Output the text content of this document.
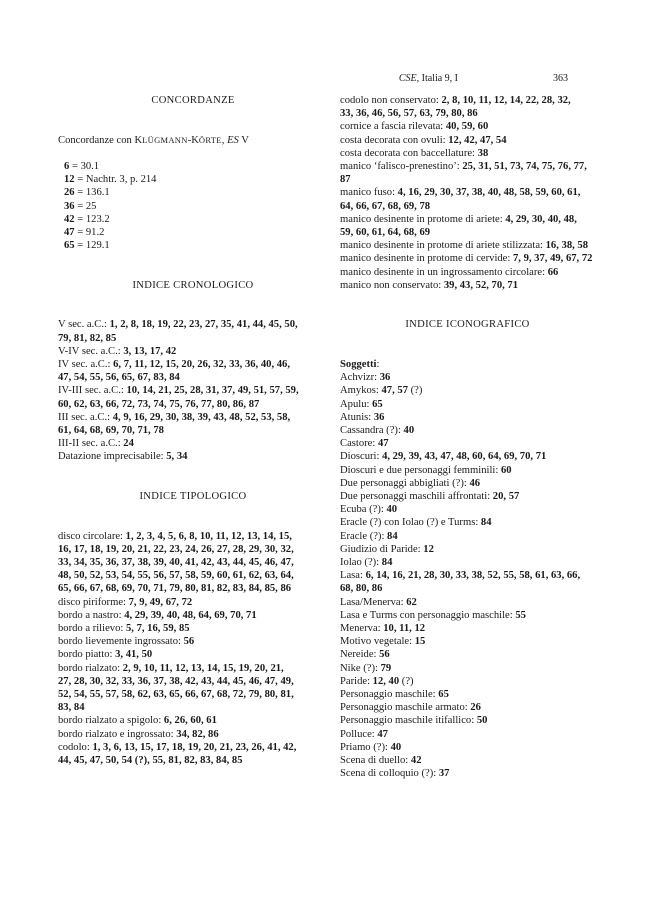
CSE, Italia 9, I	363

CONCORDANZE

Concordanze con KLÜGMANN-KÖRTE, ES V

6 = 30.1

12 = Nachtr. 3, p. 214

26 = 136.1

36 = 25

42 = 123.2

47 = 91.2

65 = 129.1

INDICE CRONOLOGICO

V sec. a.C.: 1, 2, 8, 18, 19, 22, 23, 27, 35, 41, 44, 45, 50,
79, 81, 82, 85

V-IV sec. a.C.: 3, 13, 17, 42

IV sec. a.C.: 6, 7, 11, 12, 15, 20, 26, 32, 33, 36, 40, 46,
47, 54, 55, 56, 65, 67, 83, 84

IV-III sec. a.C.: 10, 14, 21, 25, 28, 31, 37, 49, 51, 57, 59,
60, 62, 63, 66, 72, 73, 74, 75, 76, 77, 80, 86, 87

III sec. a.C.: 4, 9, 16, 29, 30, 38, 39, 43, 48, 52, 53, 58,
61, 64, 68, 69, 70, 71, 78

III-II sec. a.C.: 24

Datazione imprecisabile: 5, 34

INDICE TIPOLOGICO

disco circolare: 1, 2, 3, 4, 5, 6, 8, 10, 11, 12, 13, 14, 15,
16, 17, 18, 19, 20, 21, 22, 23, 24, 26, 27, 28, 29, 30, 32,
33, 34, 35, 36, 37, 38, 39, 40, 41, 42, 43, 44, 45, 46, 47,
48, 50, 52, 53, 54, 55, 56, 57, 58, 59, 60, 61, 62, 63, 64,
65, 66, 67, 68, 69, 70, 71, 79, 80, 81, 82, 83, 84, 85, 86

disco piriforme: 7, 9, 49, 67, 72

bordo a nastro: 4, 29, 39, 40, 48, 64, 69, 70, 71

bordo a rilievo: 5, 7, 16, 59, 85

bordo lievemente ingrossato: 56

bordo piatto: 3, 41, 50

bordo rialzato: 2, 9, 10, 11, 12, 13, 14, 15, 19, 20, 21,
27, 28, 30, 32, 33, 36, 37, 38, 42, 43, 44, 45, 46, 47, 49,
52, 54, 55, 57, 58, 62, 63, 65, 66, 67, 68, 72, 79, 80, 81,
83, 84

bordo rialzato a spigolo: 6, 26, 60, 61

bordo rialzato e ingrossato: 34, 82, 86

codolo: 1, 3, 6, 13, 15, 17, 18, 19, 20, 21, 23, 26, 41, 42,
44, 45, 47, 50, 54 (?), 55, 81, 82, 83, 84, 85

codolo non conservato: 2, 8, 10, 11, 12, 14, 22, 28, 32,
33, 36, 46, 56, 57, 63, 79, 80, 86

cornice a fascia rilevata: 40, 59, 60

costa decorata con ovuli: 12, 42, 47, 54

costa decorata con baccellature: 38

manico ‘falisco-prenestino’: 25, 31, 51, 73, 74, 75, 76, 77, 87

manico fuso: 4, 16, 29, 30, 37, 38, 40, 48, 58, 59, 60, 61,
64, 66, 67, 68, 69, 78

manico desinente in protome di ariete: 4, 29, 30, 40, 48,
59, 60, 61, 64, 68, 69

manico desinente in protome di ariete stilizzata: 16, 38, 58

manico desinente in protome di cervide: 7, 9, 37, 49, 67, 72

manico desinente in un ingrossamento circolare: 66

manico non conservato: 39, 43, 52, 70, 71

INDICE ICONOGRAFICO

Soggetti:

Achvizr: 36

Amykos: 47, 57 (?)

Apulu: 65

Atunis: 36

Cassandra (?): 40

Castore: 47

Dioscuri: 4, 29, 39, 43, 47, 48, 60, 64, 69, 70, 71

Dioscuri e due personaggi femminili: 60

Due personaggi abbigliati (?): 46

Due personaggi maschili affrontati: 20, 57

Ecuba (?): 40

Eracle (?) con Iolao (?) e Turms: 84

Eracle (?): 84

Giudizio di Paride: 12

Iolao (?): 84

Lasa: 6, 14, 16, 21, 28, 30, 33, 38, 52, 55, 58, 61, 63, 66,
68, 80, 86

Lasa/Menerva: 62

Lasa e Turms con personaggio maschile: 55

Menerva: 10, 11, 12

Motivo vegetale: 15

Nereide: 56

Nike (?): 79

Paride: 12, 40 (?)

Personaggio maschile: 65

Personaggio maschile armato: 26

Personaggio maschile itifallico: 50

Polluce: 47

Priamo (?): 40

Scena di duello: 42

Scena di colloquio (?): 37
